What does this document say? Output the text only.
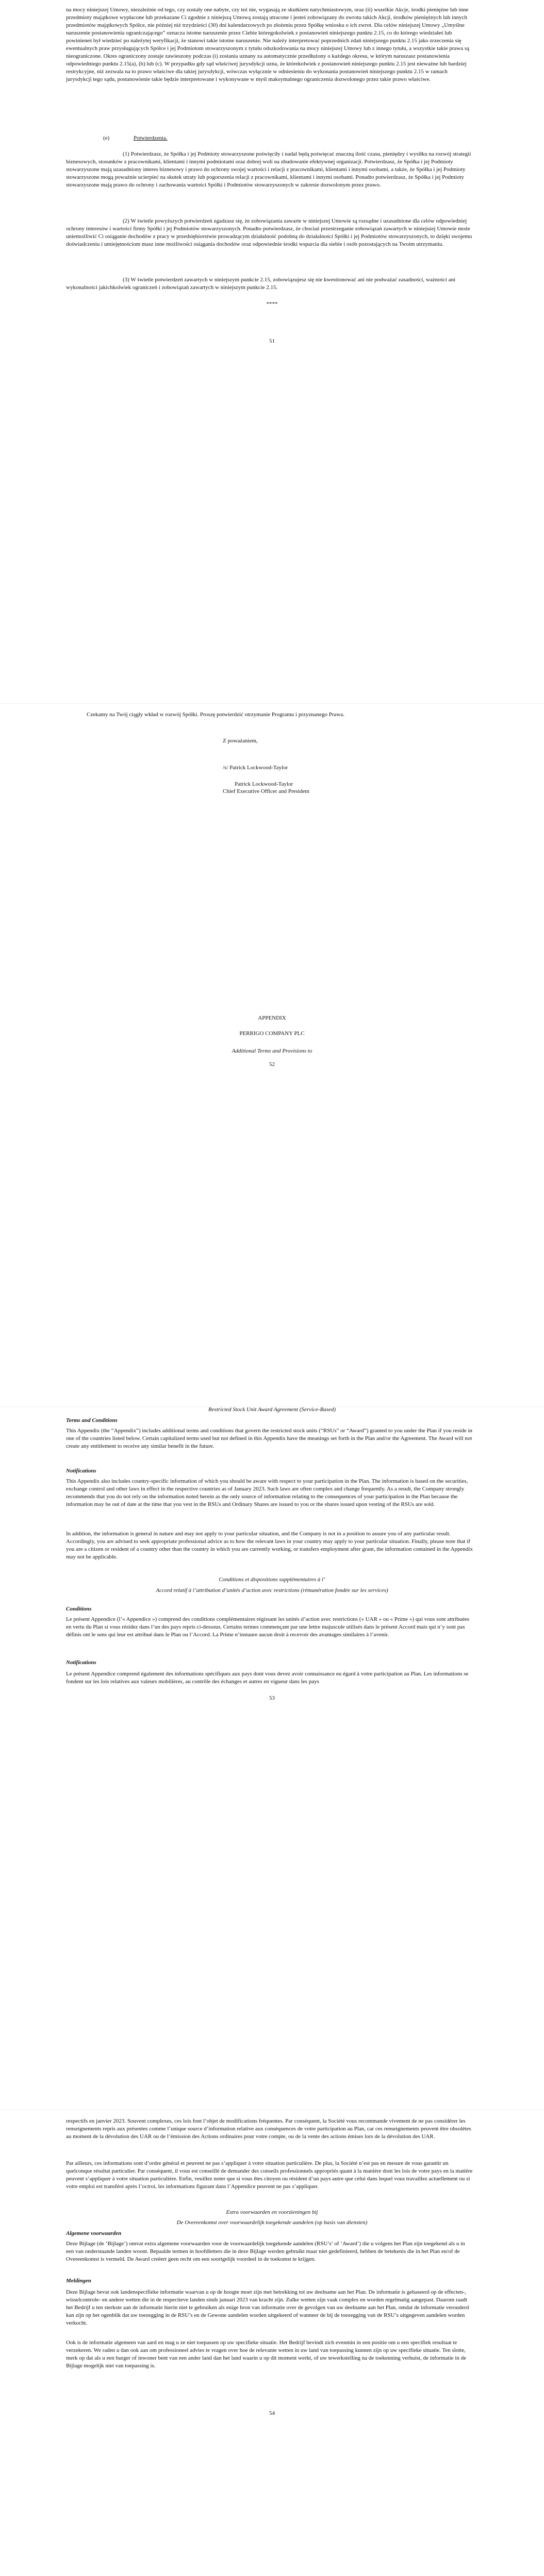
na mocy niniejszej Umowy, niezależnie od tego, czy zostały one nabyte, czy też nie, wygasają ze skutkiem natychmiastowym, oraz (ii) wszelkie Akcje, środki pieniężne lub inne przedmioty majątkowe wypłacone lub przekazane Ci zgodnie z niniejszą Umową zostają utracone i jesteś zobowiązany do zwrotu takich Akcji, środków pieniężnych lub innych przedmiotów majątkowych Spółce, nie później niż trzydzieści (30) dni kalendarzowych po złożeniu przez Spółkę wniosku o ich zwrot. Dla celów niniejszej Umowy „Umyślne naruszenie postanowienia ograniczającego” oznacza istotne naruszenie przez Ciebie któregokolwiek z postanowień niniejszego punktu 2.15, co do którego wiedziałeś lub powinieneś był wiedzieć po należytej weryfikacji, że stanowi takie istotne naruszenie. Nie należy interpretować poprzednich zdań niniejszego punktu 2.15 jako zrzeczenia się ewentualnych praw przysługujących Spółce i jej Podmiotom stowarzyszonym z tytułu odszkodowania na mocy niniejszej Umowy lub z innego tytułu, a wszystkie takie prawa są nieograniczone. Okres ograniczony zostaje zawieszony podczas (i) zostania uznany za automatycznie przedłużony o każdego okresu, w którym naruszasz postanowienia odpowiedniego punktu 2.15(a), (b) lub (c). W przypadku gdy sąd właściwej jurysdykcji uzna, że którekolwiek z postanowień niniejszego punktu 2.15 jest nieważne lub bardziej restrykcyjne, niż zezwala na to prawo właściwe dla takiej jurysdykcji, wówczas wyłącznie w odniesieniu do wykonania postanowień niniejszego punktu 2.15 w ramach jurysdykcji tego sądu, postanowienie takie będzie interpretowane i wykonywane w myśl maksymalnego ograniczenia dozwolonego przez takie prawo właściwe.

(e)	Potwierdzenia.

(1) Potwierdzasz, że Spółka i jej Podmioty stowarzyszone poświęciły i nadal będą poświęcać znaczną ilość czasu, pieniędzy i wysiłku na rozwój strategii biznesowych, stosunków z pracownikami, klientami i innymi podmiotami oraz dobrej woli na zbudowanie efektywnej organizacji. Potwierdzasz, że Spółka i jej Podmioty stowarzyszone mają uzasadniony interes biznesowy i prawo do ochrony swojej wartości i relacji z pracownikami, klientami i innymi osobami, a także, że Spółka i jej Podmioty stowarzyszone mogą powaźnie ucierpieć na skutek utraty lub pogorszenia relacji z pracownikami, klientami i innymi osobami. Ponadto potwierdzasz, że Spółka i jej Podmioty stowarzyszone mają prawo do ochrony i zachowania wartości Spółki i Podmiotów stowarzyszonych w zakresie dozwolonym przez prawo.

(2) W świetle powyższych potwierdzeń zgadzasz się, że zobowiązania zawarte w niniejszej Umowie są rozsądne i uzasadnione dla celów odpowiedniej ochrony interesów i wartości firmy Spółki i jej Podmiotów stowarzyszonych. Ponadto potwierdzasz, że chociaż przestrzeganie zobowiązań zawartych w niniejszej Umowie może uniemożliwić Ci osiąganie dochodów z pracy w przedsiębiorstwie prowadzącym działalność podobną do działalności Spółki i jej Podmiotów stowarzyszonych, to dzięki swojemu doświadczeniu i umiejętnościom masz inne możliwości osiągania dochodów oraz odpowiednie środki wsparcia dla siebie i osób pozostających na Twoim utrzymaniu.

(3) W świetle potwierdzeń zawartych w niniejszym punkcie 2.15, zobowiązujesz się nie kwestionować ani nie podważać zasadności, ważności ani wykonalności jakichkolwiek ograniczeń i zobowiązań zawartych w niniejszym punkcie 2.15.

****
51

Czekamy na Twój ciągły wkład w rozwój Spółki. Proszę potwierdzić otrzymanie Programu i przyznanego Prawa.

Z poważaniem,
/s/ Patrick Lockwood-Taylor
Patrick Lockwood-Taylor
Chief Executive Officer and President
APPENDIX
PERRIGO COMPANY PLC
Additional Terms and Provisions to
52
Restricted Stock Unit Award Agreement (Service-Based)
Terms and Conditions

This Appendix (the “Appendix”) includes additional terms and conditions that govern the restricted stock units (“RSUs” or “Award”) granted to you under the Plan if you reside in one of the countries listed below. Certain capitalized terms used but not defined in this Appendix have the meanings set forth in the Plan and/or the Agreement. The Award will not create any entitlement to receive any similar benefit in the future.

Notifications

This Appendix also includes country-specific information of which you should be aware with respect to your participation in the Plan. The information is based on the securities, exchange control and other laws in effect in the respective countries as of January 2023. Such laws are often complex and change frequently. As a result, the Company strongly recommends that you do not rely on the information noted herein as the only source of information relating to the consequences of your participation in the Plan because the information may be out of date at the time that you vest in the RSUs and Ordinary Shares are issued to you or the shares issued upon vesting of the RSUs are sold.

In addition, the information is general in nature and may not apply to your particular situation, and the Company is not in a position to assure you of any particular result. Accordingly, you are advised to seek appropriate professional advice as to how the relevant laws in your country may apply to your particular situation. Finally, please note that if you are a citizen or resident of a country other than the country in which you are currently working, or transfers employment after grant, the information contained in the Appendix may not be applicable.

Conditions et dispositions supplémentaires à l’
Accord relatif à l’attribution d’unités d’action avec restrictions (rémunération fondée sur les services)
Conditions

Le présent Appendice (l’« Appendice ») comprend des conditions complémentaires régissant les unités d’action avec restrictions (« UAR » ou « Prime ») qui vous sont attribuées en vertu du Plan si vous résidez dans l’un des pays repris ci-dessous. Certains termes commençant par une lettre majuscule utilisés dans le présent Accord mais qui n’y sont pas définis ont le sens qui leur est attribué dans le Plan ou l’Accord. La Prime n’instaure aucun droit à recevoir des avantages similaires à l’avenir.

Notifications

Le présent Appendice comprend également des informations spécifiques aux pays dont vous devez avoir connaissance eu égard à votre participation au Plan. Les informations se fondent sur les lois relatives aux valeurs mobilières, au contrôle des échanges et autres en vigueur dans les pays

53

respectifs en janvier 2023. Souvent complexes, ces lois font l’objet de modifications fréquentes. Par conséquent, la Société vous recommande vivement de ne pas considérer les renseignements repris aux présentes comme l’unique source d’information relative aux conséquences de votre participation au Plan, car ces renseignements peuvent être obsolètes au moment de la dévolution des UAR ou de l’émission des Actions ordinaires pour votre compte, ou de la vente des actions émises lors de la dévolution des UAR.

Par ailleurs, ces informations sont d’ordre général et peuvent ne pas s’appliquer à votre situation particulière. De plus, la Société n’est pas en mesure de vous garantir un quelconque résultat particulier. Par conséquent, il vous est conseillé de demander des conseils professionnels appropriés quant à la manière dont les lois de votre pays en la matière peuvent s’appliquer à votre situation particulière. Enfin, veuillez noter que si vous êtes citoyen ou résident d’un pays autre que celui dans lequel vous travaillez actuellement ou si votre emploi est transféré après l’octroi, les informations figurant dans l’Appendice peuvent ne pas s’appliquer.

Extra voorwaarden en voorzieningen bij
De Overeenkomst over voorwaardelijk toegekende aandelen (op basis van diensten)
Algemene voorwaarden

Deze Bijlage (de ‘Bijlage’) omvat extra algemene voorwaarden voor de voorwaardelijk toegekende aandelen (RSU’s’ of ‘Award’) die u volgens het Plan zijn toegekend als u in een van onderstaande landen woont. Bepaalde termen in hoofdletters die in deze Bijlage werden gebruikt maar niet gedefinieerd, hebben de betekenis die in het Plan en/of de Overeenkomst is vermeld. De Award creëert geen recht om een soortgelijk voordeel in de toekomst te krijgen.

Meldingen

Deze Bijlage bevat ook landenspecifieke informatie waarvan u op de hoogte moet zijn met betrekking tot uw deelname aan het Plan. De informatie is gebaseerd op de effecten-, wisselcontrole- en andere wetten die in de respectieve landen sinds januari 2023 van kracht zijn. Zulke wetten zijn vaak complex en worden regelmatig aangepast. Daarom raadt het Bedrijf u ten sterkste aan de informatie hierin niet te gebruiken als enige bron van informatie over de gevolgen van uw deelname aan het Plan, omdat de informatie verouderd kan zijn op het ogenblik dat uw toezegging in de RSU’s en de Gewone aandelen worden uitgekeerd of wanneer de bij de toezegging van de RSU’s uitgegeven aandelen worden verkocht.

Ook is de informatie algemeen van aard en mag u ze niet toepassen op uw specifieke situatie. Het Bedrijf bevindt zich evenmin in een positie om u een specifiek resultaat te verzekeren. We raden u dan ook aan om professioneel advies te vragen over hoe de relevante wetten in uw land van toepassing kunnen zijn op uw specifieke situatie. Ten slotte, merk op dat als u een burger of inwoner bent van een ander land dan het land waarin u op dit moment werkt, of uw tewerkstelling na de toekenning verhuist, de informatie in de Bijlage mogelijk niet van toepassing is.

54
